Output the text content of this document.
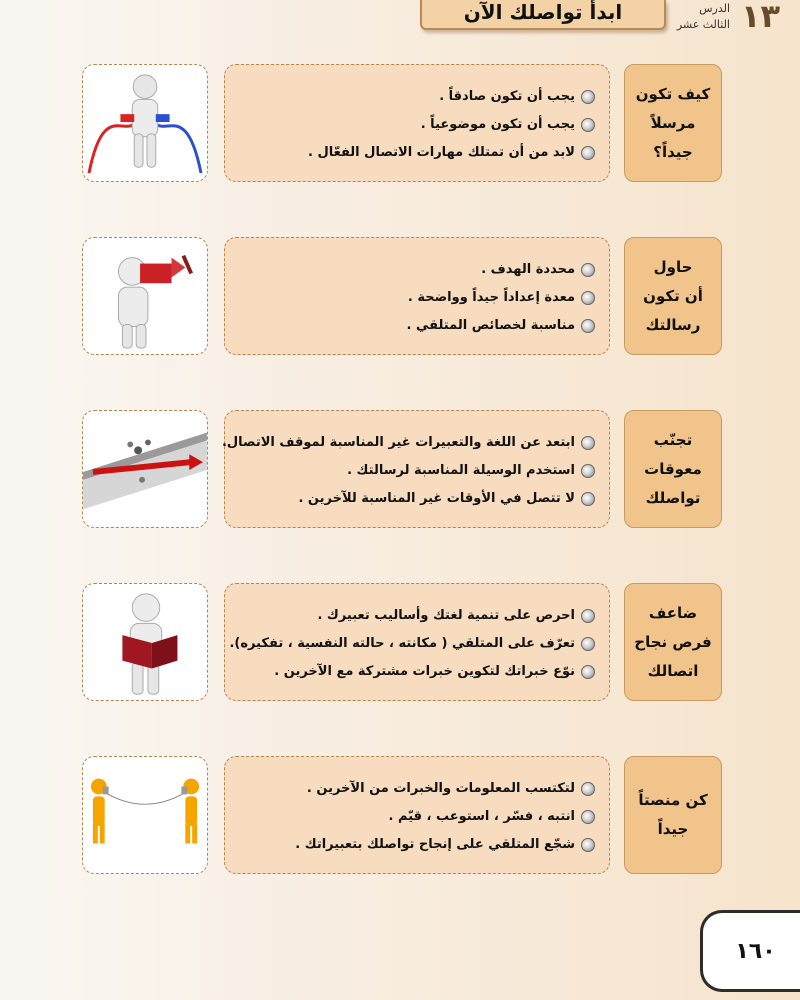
ابدأ تواصلك الآن	١٣
الدرس
الثالث عشر
كيف تكون
مرسلاً
جيداً؟
يجب أن تكون صادقاً .
يجب أن تكون موضوعياً .
لابد من أن تمتلك مهارات الاتصال الفعّال .
حاول
أن تكون
رسالتك
محددة الهدف .
معدة إعداداً جيداً وواضحة .
مناسبة لخصائص المتلقي .
تجنّب
معوقات
تواصلك
ابتعد عن اللغة والتعبيرات غير المناسبة لموقف الاتصال.
استخدم الوسيلة المناسبة لرسالتك .
لا تتصل في الأوقات غير المناسبة للآخرين .
ضاعف
فرص نجاح
اتصالك
احرص على تنمية لغتك وأساليب تعبيرك .
تعرّف على المتلقي ( مكانته ، حالته النفسية ، تفكيره).
نوّع خبراتك لتكوين خبرات مشتركة مع الآخرين .
كن منصتاً
جيداً
لتكتسب المعلومات والخبرات من الآخرين .
انتبه ، فسّر ، استوعب ، قيّم .
شجّع المتلقي على إنجاح تواصلك بتعبيراتك .
١٦٠
